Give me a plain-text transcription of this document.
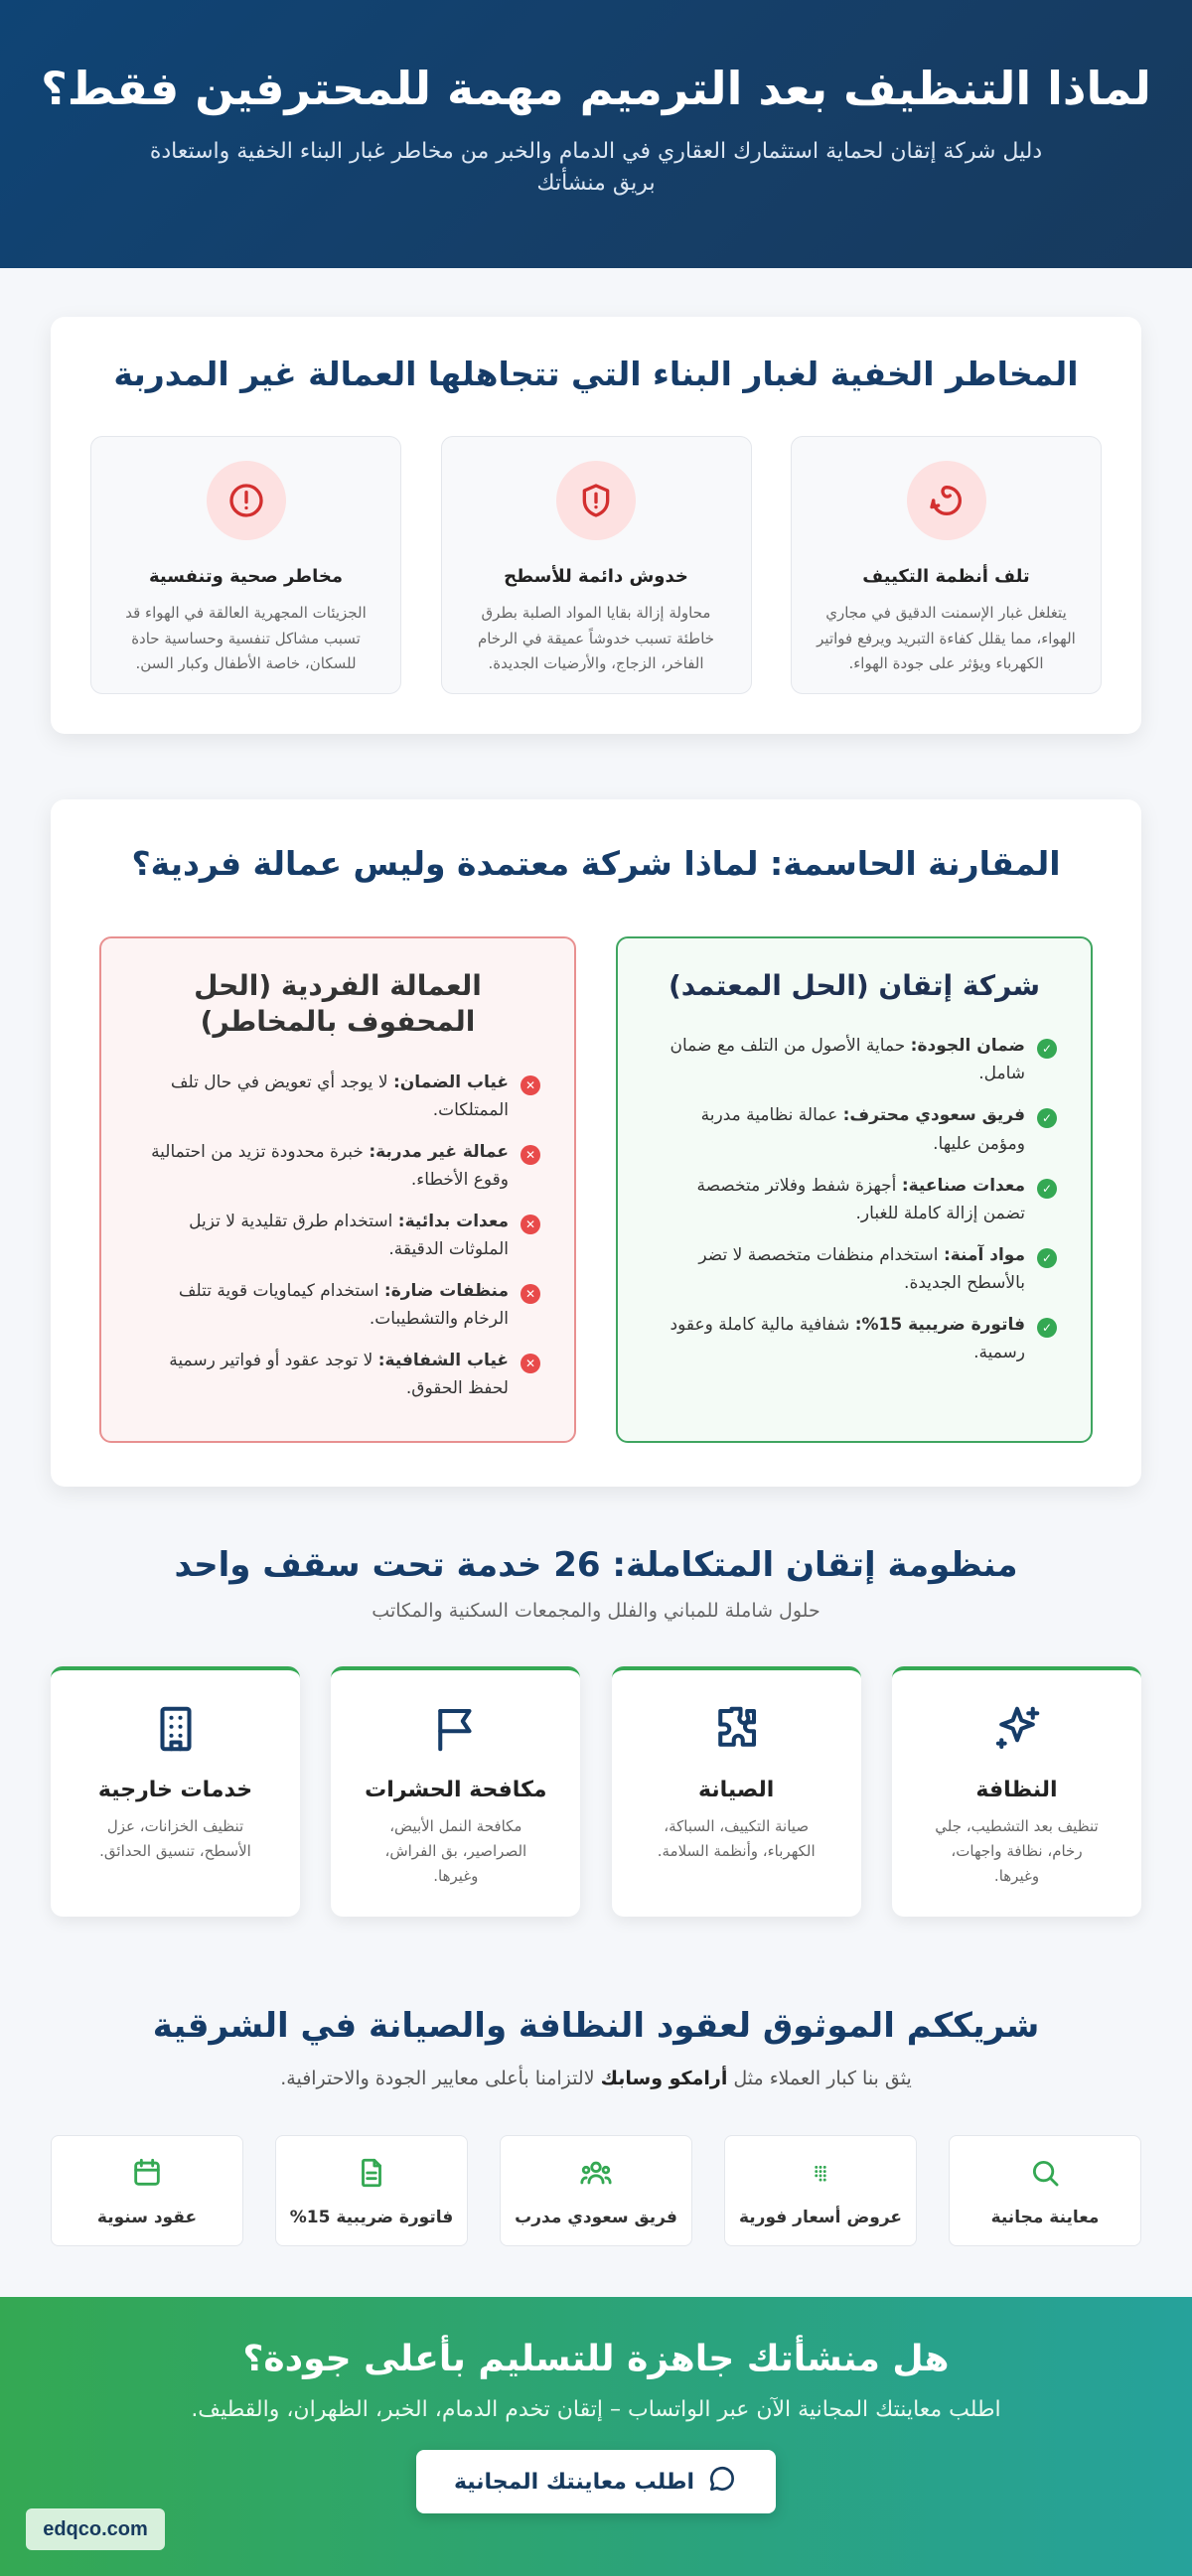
لماذا التنظيف بعد الترميم مهمة للمحترفين فقط؟

دليل شركة إتقان لحماية استثمارك العقاري في الدمام والخبر من مخاطر غبار البناء الخفية واستعادة بريق منشأتك

المخاطر الخفية لغبار البناء التي تتجاهلها العمالة غير المدربة
تلف أنظمة التكييف

يتغلغل غبار الإسمنت الدقيق في مجاري الهواء، مما يقلل كفاءة التبريد ويرفع فواتير الكهرباء ويؤثر على جودة الهواء.

خدوش دائمة للأسطح

محاولة إزالة بقايا المواد الصلبة بطرق خاطئة تسبب خدوشاً عميقة في الرخام الفاخر، الزجاج، والأرضيات الجديدة.

مخاطر صحية وتنفسية

الجزيئات المجهرية العالقة في الهواء قد تسبب مشاكل تنفسية وحساسية حادة للسكان، خاصة الأطفال وكبار السن.

المقارنة الحاسمة: لماذا شركة معتمدة وليس عمالة فردية؟
شركة إتقان (الحل المعتمد)
✓
ضمان الجودة: حماية الأصول من التلف مع ضمان شامل.
✓
فريق سعودي محترف: عمالة نظامية مدربة ومؤمن عليها.
✓
معدات صناعية: أجهزة شفط وفلاتر متخصصة تضمن إزالة كاملة للغبار.
✓
مواد آمنة: استخدام منظفات متخصصة لا تضر بالأسطح الجديدة.
✓
فاتورة ضريبية 15%: شفافية مالية كاملة وعقود رسمية.
العمالة الفردية (الحل المحفوف بالمخاطر)
✕
غياب الضمان: لا يوجد أي تعويض في حال تلف الممتلكات.
✕
عمالة غير مدربة: خبرة محدودة تزيد من احتمالية وقوع الأخطاء.
✕
معدات بدائية: استخدام طرق تقليدية لا تزيل الملوثات الدقيقة.
✕
منظفات ضارة: استخدام كيماويات قوية تتلف الرخام والتشطيبات.
✕
غياب الشفافية: لا توجد عقود أو فواتير رسمية لحفظ الحقوق.
منظومة إتقان المتكاملة: 26 خدمة تحت سقف واحد

حلول شاملة للمباني والفلل والمجمعات السكنية والمكاتب

النظافة

تنظيف بعد التشطيب، جلي رخام، نظافة واجهات، وغيرها.

الصيانة

صيانة التكييف، السباكة، الكهرباء، وأنظمة السلامة.

مكافحة الحشرات

مكافحة النمل الأبيض، الصراصير، بق الفراش، وغيرها.

خدمات خارجية

تنظيف الخزانات، عزل الأسطح، تنسيق الحدائق.

شريككم الموثوق لعقود النظافة والصيانة في الشرقية

يثق بنا كبار العملاء مثل أرامكو وسابك لالتزامنا بأعلى معايير الجودة والاحترافية.

معاينة مجانية
عروض أسعار فورية
فريق سعودي مدرب
فاتورة ضريبية 15%
عقود سنوية
هل منشأتك جاهزة للتسليم بأعلى جودة؟

اطلب معاينتك المجانية الآن عبر الواتساب – إتقان تخدم الدمام، الخبر، الظهران، والقطيف.

اطلب معاينتك المجانية
edqco.com
